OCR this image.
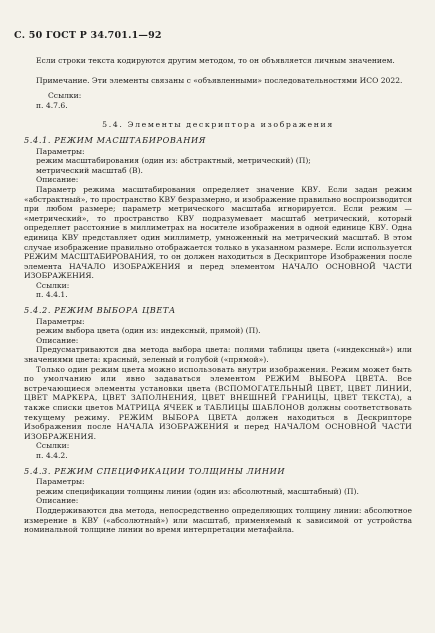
С. 50 ГОСТ Р 34.701.1—92

Если строки текста кодируются другим методом, то он объявляется личным значением.

Примечание. Эти элементы связаны с «объявленными» последовательностями ИСО 2022.

Ссылки:

п. 4.7.6.

5.4. Элементы дескриптора изображения

5.4.1. РЕЖИМ МАСШТАБИРОВАНИЯ

Параметры:

режим масштабирования (один из: абстрактный, метрический) (П);

метрический масштаб (В).

Описание:

Параметр режима масштабирования определяет значение КВУ. Если задан режим «абстрактный», то пространство КВУ безразмерно, и изображение правильно воспроизводится при любом размере; параметр метрического масштаба игнорируется. Если режим — «метрический», то пространство КВУ подразумевает масштаб метрический, который определяет расстояние в миллиметрах на носителе изображения в одной единице КВУ. Одна единица КВУ представляет один миллиметр, умноженный на метрический масштаб. В этом случае изображение правильно отображается только в указанном размере. Если используется РЕЖИМ МАСШТАБИРОВАНИЯ, то он должен находиться в Дескрипторе Изображения после элемента НАЧАЛО ИЗОБРАЖЕНИЯ и перед элементом НАЧАЛО ОСНОВНОЙ ЧАСТИ ИЗОБРАЖЕНИЯ.

Ссылки:

п. 4.4.1.

5.4.2. РЕЖИМ ВЫБОРА ЦВЕТА

Параметры:

режим выбора цвета (один из: индексный, прямой) (П).

Описание:

Предусматриваются два метода выбора цвета: полями таблицы цвета («индексный») или значениями цвета: красный, зеленый и голубой («прямой»).

Только один режим цвета можно использовать внутри изображения. Режим может быть по умолчанию или явно задаваться элементом РЕЖИМ ВЫБОРА ЦВЕТА. Все встречающиеся элементы установки цвета (ВСПОМОГАТЕЛЬНЫЙ ЦВЕТ, ЦВЕТ ЛИНИИ, ЦВЕТ МАРКЕРА, ЦВЕТ ЗАПОЛНЕНИЯ, ЦВЕТ ВНЕШНЕЙ ГРАНИЦЫ, ЦВЕТ ТЕКСТА), а также списки цветов МАТРИЦА ЯЧЕЕК и ТАБЛИЦЫ ШАБЛОНОВ должны соответствовать текущему режиму. РЕЖИМ ВЫБОРА ЦВЕТА должен находиться в Дескрипторе Изображения после НАЧАЛА ИЗОБРАЖЕНИЯ и перед НАЧАЛОМ ОСНОВНОЙ ЧАСТИ ИЗОБРАЖЕНИЯ.

Ссылки:

п. 4.4.2.

5.4.3. РЕЖИМ СПЕЦИФИКАЦИИ ТОЛЩИНЫ ЛИНИИ

Параметры:

режим спецификации толщины линии (один из: абсолютный, масштабный) (П).

Описание:

Поддерживаются два метода, непосредственно определяющих толщину линии: абсолютное измерение в КВУ («абсолютный») или масштаб, применяемый к зависимой от устройства номинальной толщине линии во время интерпретации метафайла.
